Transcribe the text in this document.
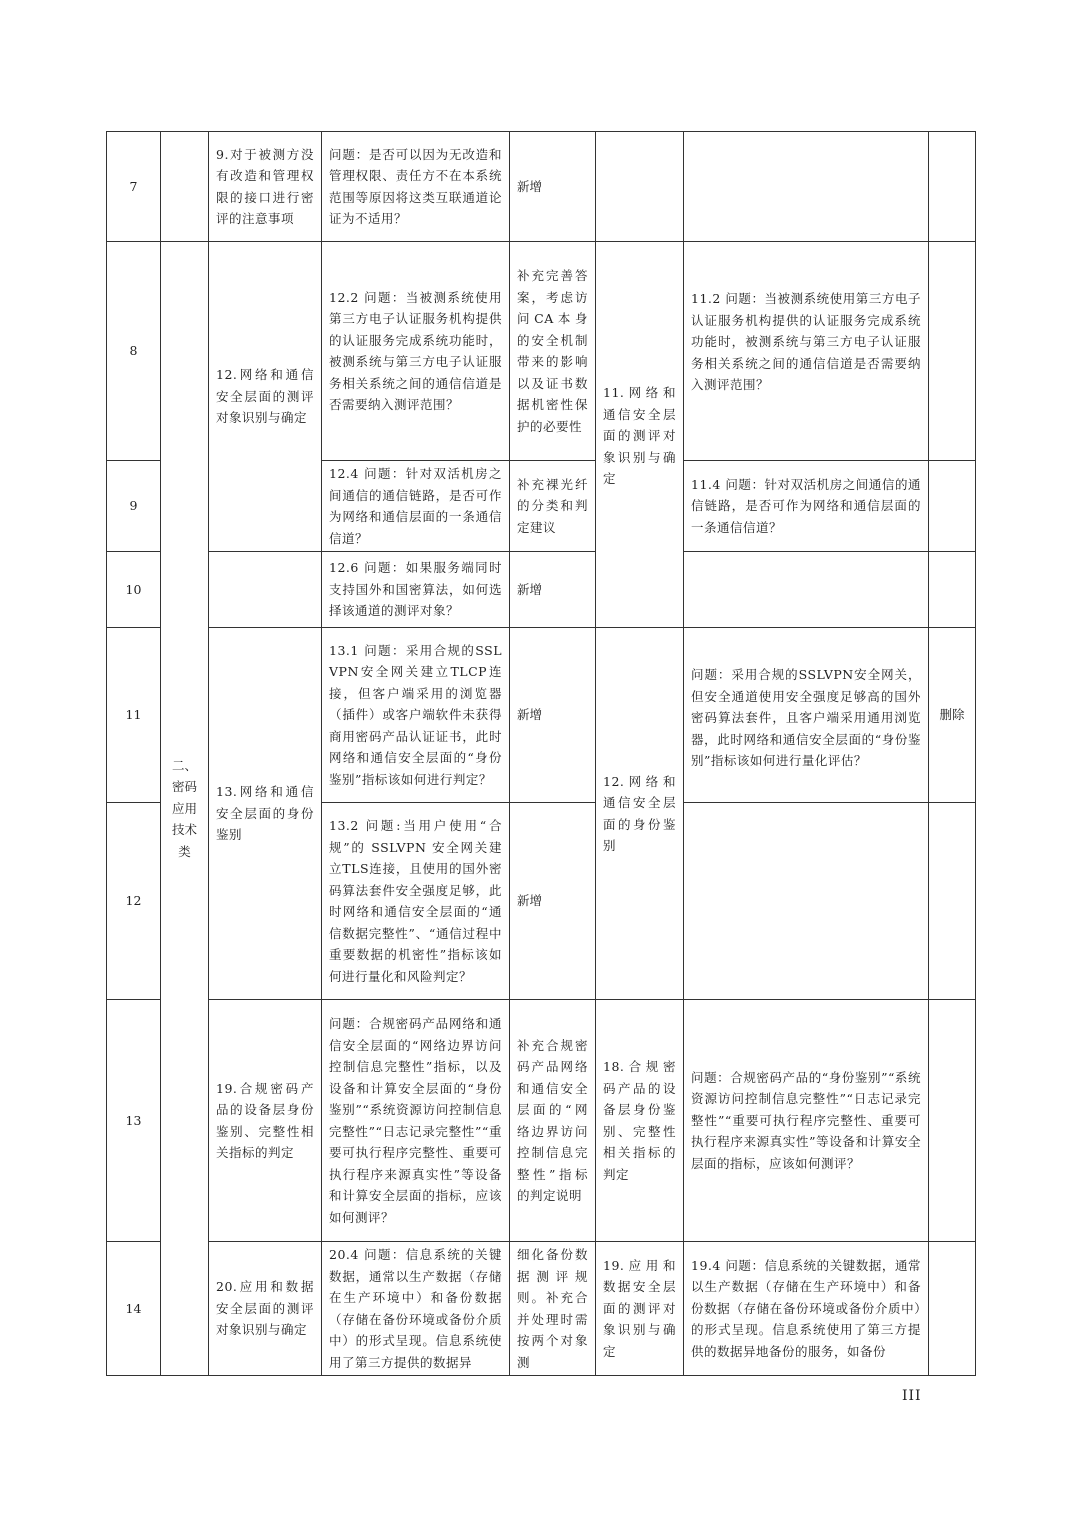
7		9.对于被测方没有改造和管理权限的接口进行密评的注意事项	问题：是否可以因为无改造和管理权限、责任方不在本系统范围等原因将这类互联通道论证为不适用？	新增			
8	二、密码应用技术类	12.网络和通信安全层面的测评对象识别与确定	12.2 问题：当被测系统使用第三方电子认证服务机构提供的认证服务完成系统功能时，被测系统与第三方电子认证服务相关系统之间的通信信道是否需要纳入测评范围？	补充完善答案，考虑访问CA本身的安全机制带来的影响以及证书数据机密性保护的必要性	11.网络和通信安全层面的测评对象识别与确定	11.2 问题：当被测系统使用第三方电子认证服务机构提供的认证服务完成系统功能时，被测系统与第三方电子认证服务相关系统之间的通信信道是否需要纳入测评范围？	
9			12.4 问题：针对双活机房之间通信的通信链路，是否可作为网络和通信层面的一条通信信道？	补充裸光纤的分类和判定建议		11.4 问题：针对双活机房之间通信的通信链路，是否可作为网络和通信层面的一条通信信道？	
10			12.6 问题：如果服务端同时支持国外和国密算法，如何选择该通道的测评对象？	新增			
11		13.网络和通信安全层面的身份鉴别	13.1 问题：采用合规的SSLVPN安全网关建立TLCP连接，但客户端采用的浏览器（插件）或客户端软件未获得商用密码产品认证证书，此时网络和通信安全层面的“身份鉴别”指标该如何进行判定？	新增	12.网络和通信安全层面的身份鉴别	问题：采用合规的SSLVPN安全网关，但安全通道使用安全强度足够高的国外密码算法套件，且客户端采用通用浏览器，此时网络和通信安全层面的“身份鉴别”指标该如何进行量化评估？	删除
12			13.2 问题:当用户使用“合规”的 SSLVPN 安全网关建立TLS连接，且使用的国外密码算法套件安全强度足够，此时网络和通信安全层面的“通信数据完整性”、“通信过程中重要数据的机密性”指标该如何进行量化和风险判定？	新增			
13		19.合规密码产品的设备层身份鉴别、完整性相关指标的判定	问题：合规密码产品网络和通信安全层面的“网络边界访问控制信息完整性”指标，以及设备和计算安全层面的“身份鉴别”“系统资源访问控制信息完整性”“日志记录完整性”“重要可执行程序完整性、重要可执行程序来源真实性”等设备和计算安全层面的指标，应该如何测评？	补充合规密码产品网络和通信安全层面的“网络边界访问控制信息完整性”指标的判定说明	18.合规密码产品的设备层身份鉴别、完整性相关指标的判定	问题：合规密码产品的“身份鉴别”“系统资源访问控制信息完整性”“日志记录完整性”“重要可执行程序完整性、重要可执行程序来源真实性”等设备和计算安全层面的指标，应该如何测评？	
14		20.应用和数据安全层面的测评对象识别与确定	20.4 问题：信息系统的关键数据，通常以生产数据（存储在生产环境中）和备份数据（存储在备份环境或备份介质中）的形式呈现。信息系统使用了第三方提供的数据异	细化备份数据测评规则。补充合并处理时需按两个对象测	19.应用和数据安全层面的测评对象识别与确定	19.4 问题：信息系统的关键数据，通常以生产数据（存储在生产环境中）和备份数据（存储在备份环境或备份介质中）的形式呈现。信息系统使用了第三方提供的数据异地备份的服务，如备份	
III
